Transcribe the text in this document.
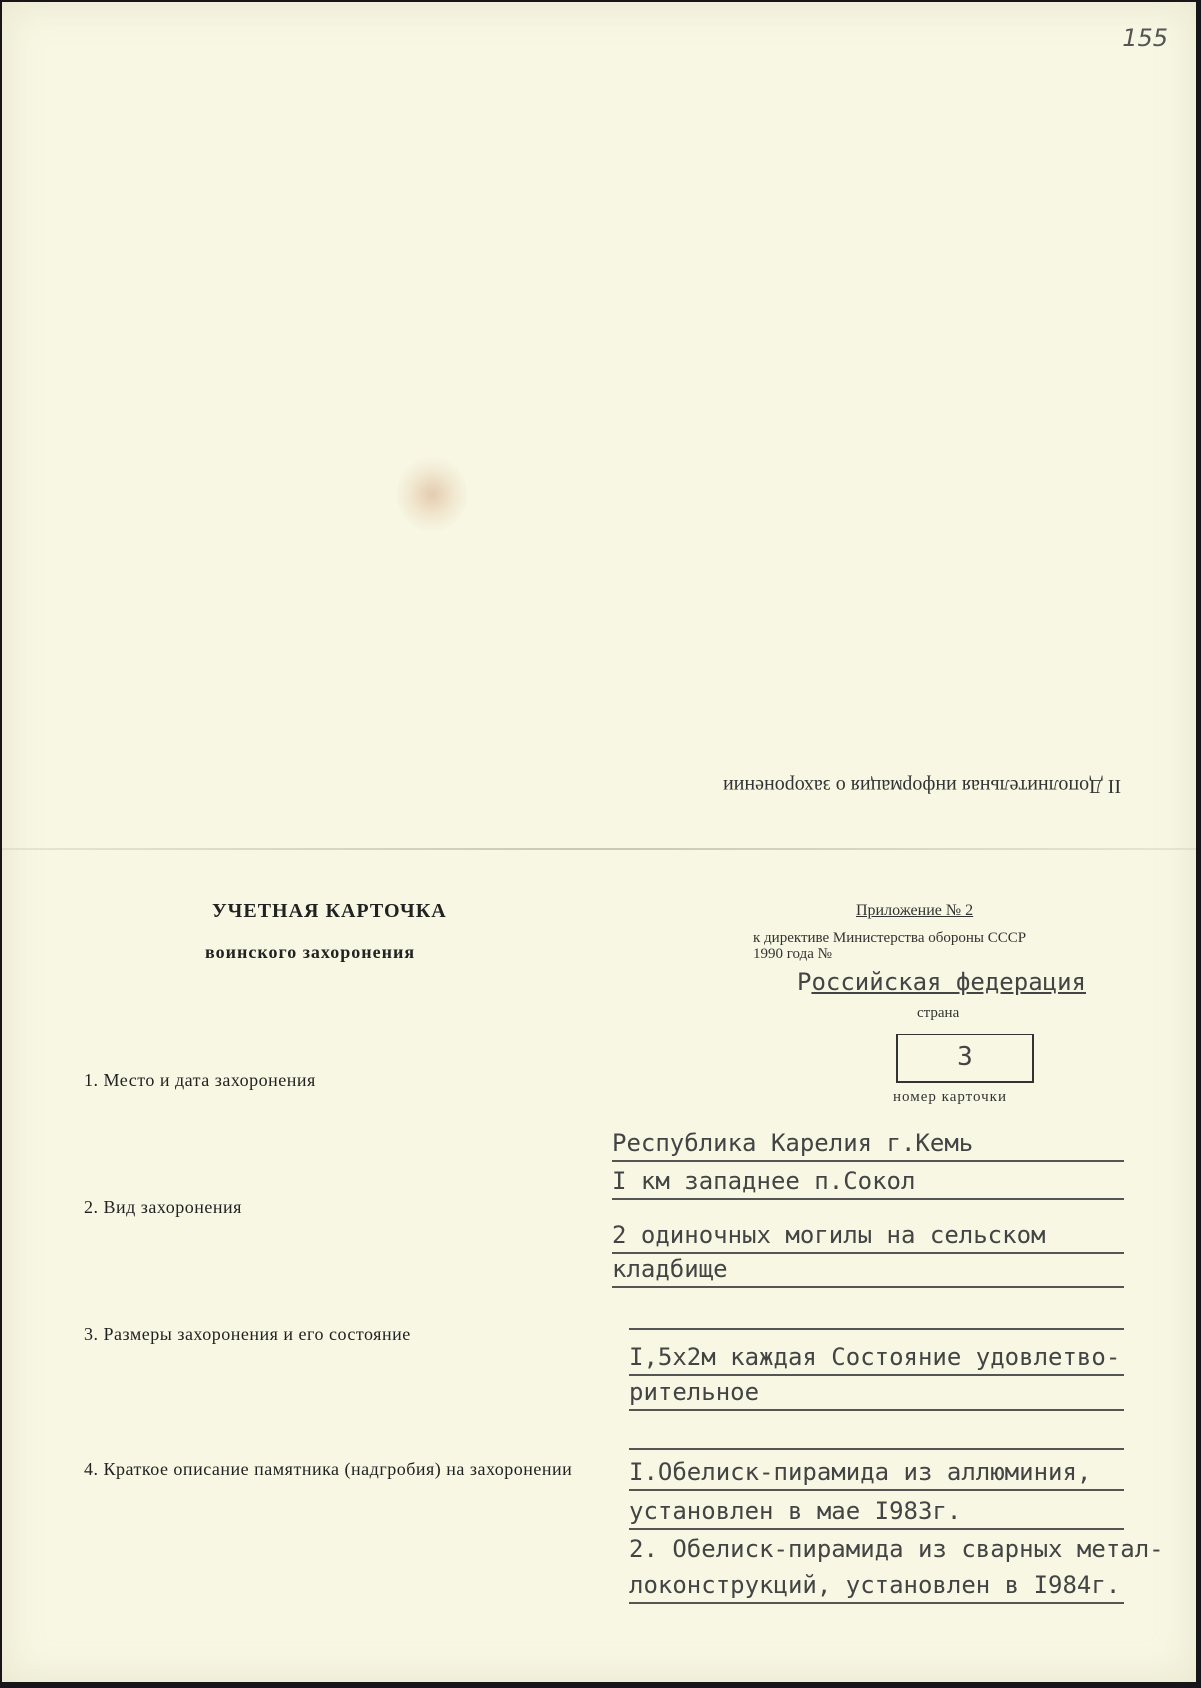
155
II Дополнительная информация о захоронении
УЧЕТНАЯ КАРТОЧКА
воинского захоронения
Приложение № 2
к директиве Министерства обороны СССР
1990 года №
Российская федерация
страна
3
номер карточки
1. Место и дата захоронения
Республика Карелия г.Кемь
I км западнее п.Сокол
2. Вид захоронения
2 одиночных могилы на сельском
кладбище
3. Размеры захоронения и его состояние
I,5х2м каждая Состояние удовлетво-
рительное
4. Краткое описание памятника (надгробия) на захоронении	I.Обелиск-пирамида из аллюминия,
установлен в мае I983г.
2. Обелиск-пирамида из сварных метал-
локонструкций, установлен в I984г.
